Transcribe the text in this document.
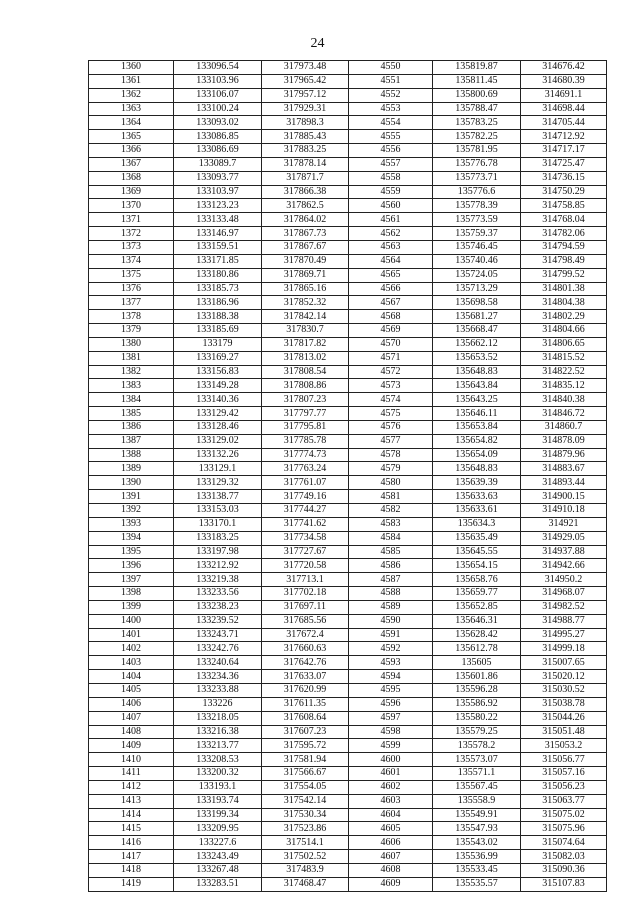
24
1360	133096.54	317973.48	4550	135819.87	314676.42
1361	133103.96	317965.42	4551	135811.45	314680.39
1362	133106.07	317957.12	4552	135800.69	314691.1
1363	133100.24	317929.31	4553	135788.47	314698.44
1364	133093.02	317898.3	4554	135783.25	314705.44
1365	133086.85	317885.43	4555	135782.25	314712.92
1366	133086.69	317883.25	4556	135781.95	314717.17
1367	133089.7	317878.14	4557	135776.78	314725.47
1368	133093.77	317871.7	4558	135773.71	314736.15
1369	133103.97	317866.38	4559	135776.6	314750.29
1370	133123.23	317862.5	4560	135778.39	314758.85
1371	133133.48	317864.02	4561	135773.59	314768.04
1372	133146.97	317867.73	4562	135759.37	314782.06
1373	133159.51	317867.67	4563	135746.45	314794.59
1374	133171.85	317870.49	4564	135740.46	314798.49
1375	133180.86	317869.71	4565	135724.05	314799.52
1376	133185.73	317865.16	4566	135713.29	314801.38
1377	133186.96	317852.32	4567	135698.58	314804.38
1378	133188.38	317842.14	4568	135681.27	314802.29
1379	133185.69	317830.7	4569	135668.47	314804.66
1380	133179	317817.82	4570	135662.12	314806.65
1381	133169.27	317813.02	4571	135653.52	314815.52
1382	133156.83	317808.54	4572	135648.83	314822.52
1383	133149.28	317808.86	4573	135643.84	314835.12
1384	133140.36	317807.23	4574	135643.25	314840.38
1385	133129.42	317797.77	4575	135646.11	314846.72
1386	133128.46	317795.81	4576	135653.84	314860.7
1387	133129.02	317785.78	4577	135654.82	314878.09
1388	133132.26	317774.73	4578	135654.09	314879.96
1389	133129.1	317763.24	4579	135648.83	314883.67
1390	133129.32	317761.07	4580	135639.39	314893.44
1391	133138.77	317749.16	4581	135633.63	314900.15
1392	133153.03	317744.27	4582	135633.61	314910.18
1393	133170.1	317741.62	4583	135634.3	314921
1394	133183.25	317734.58	4584	135635.49	314929.05
1395	133197.98	317727.67	4585	135645.55	314937.88
1396	133212.92	317720.58	4586	135654.15	314942.66
1397	133219.38	317713.1	4587	135658.76	314950.2
1398	133233.56	317702.18	4588	135659.77	314968.07
1399	133238.23	317697.11	4589	135652.85	314982.52
1400	133239.52	317685.56	4590	135646.31	314988.77
1401	133243.71	317672.4	4591	135628.42	314995.27
1402	133242.76	317660.63	4592	135612.78	314999.18
1403	133240.64	317642.76	4593	135605	315007.65
1404	133234.36	317633.07	4594	135601.86	315020.12
1405	133233.88	317620.99	4595	135596.28	315030.52
1406	133226	317611.35	4596	135586.92	315038.78
1407	133218.05	317608.64	4597	135580.22	315044.26
1408	133216.38	317607.23	4598	135579.25	315051.48
1409	133213.77	317595.72	4599	135578.2	315053.2
1410	133208.53	317581.94	4600	135573.07	315056.77
1411	133200.32	317566.67	4601	135571.1	315057.16
1412	133193.1	317554.05	4602	135567.45	315056.23
1413	133193.74	317542.14	4603	135558.9	315063.77
1414	133199.34	317530.34	4604	135549.91	315075.02
1415	133209.95	317523.86	4605	135547.93	315075.96
1416	133227.6	317514.1	4606	135543.02	315074.64
1417	133243.49	317502.52	4607	135536.99	315082.03
1418	133267.48	317483.9	4608	135533.45	315090.36
1419	133283.51	317468.47	4609	135535.57	315107.83
